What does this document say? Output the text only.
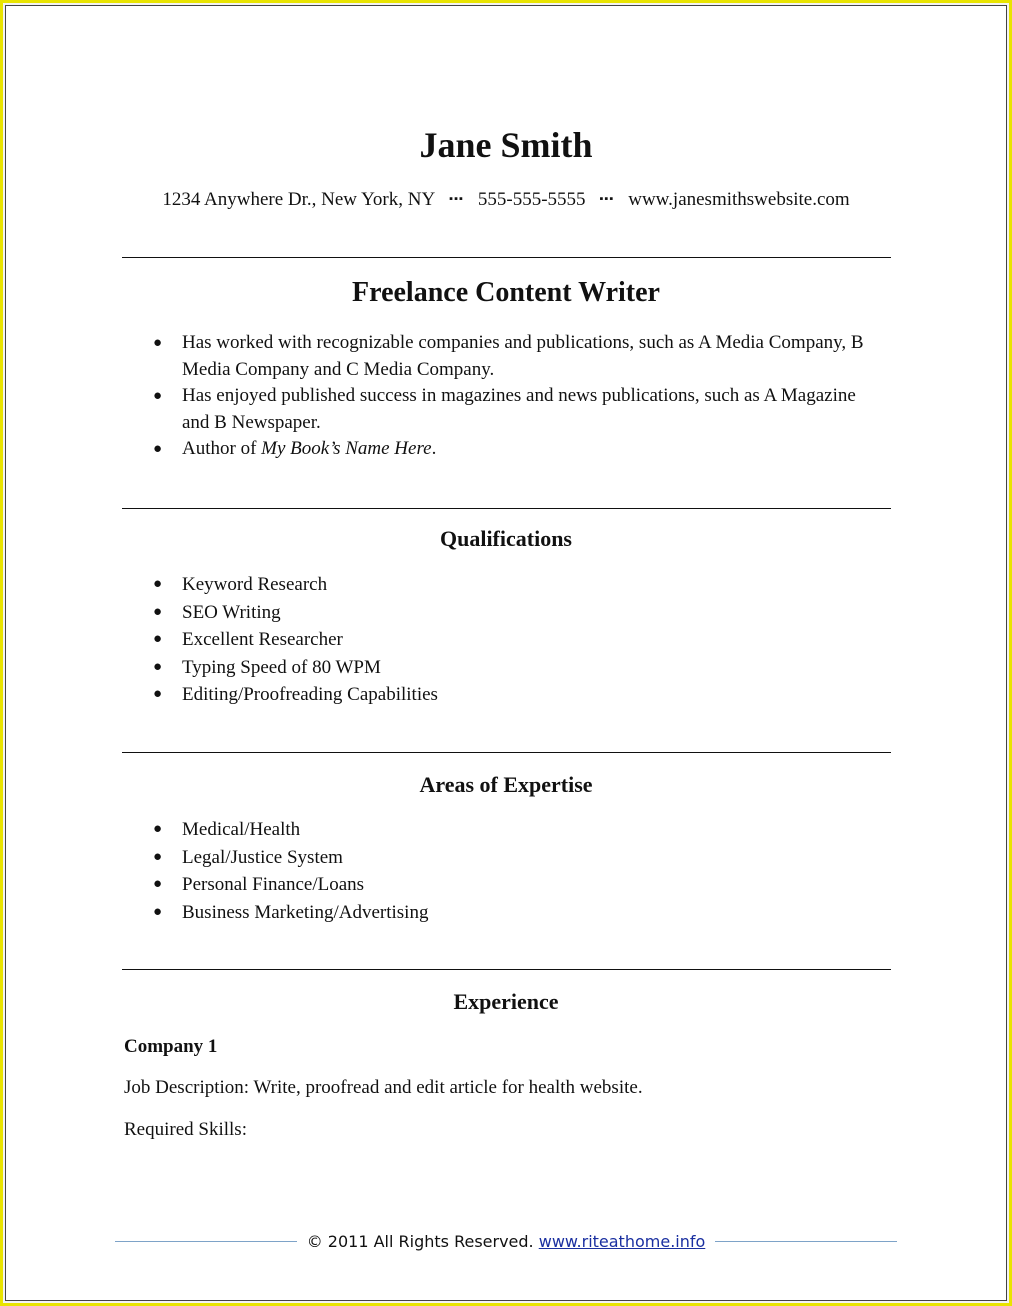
Jane Smith
1234 Anywhere Dr., New York, NY ▪▪▪ 555-555-5555 ▪▪▪ www.janesmithswebsite.com
Freelance Content Writer
● Has worked with recognizable companies and publications, such as A Media Company, B Media Company and C Media Company.
● Has enjoyed published success in magazines and news publications, such as A Magazine and B Newspaper.
● Author of My Book’s Name Here.
Qualifications
● Keyword Research
● SEO Writing
● Excellent Researcher
● Typing Speed of 80 WPM
● Editing/Proofreading Capabilities
Areas of Expertise
● Medical/Health
● Legal/Justice System
● Personal Finance/Loans
● Business Marketing/Advertising
Experience
Company 1
Job Description: Write, proofread and edit article for health website.
Required Skills:
© 2011 All Rights Reserved. www.riteathome.info
